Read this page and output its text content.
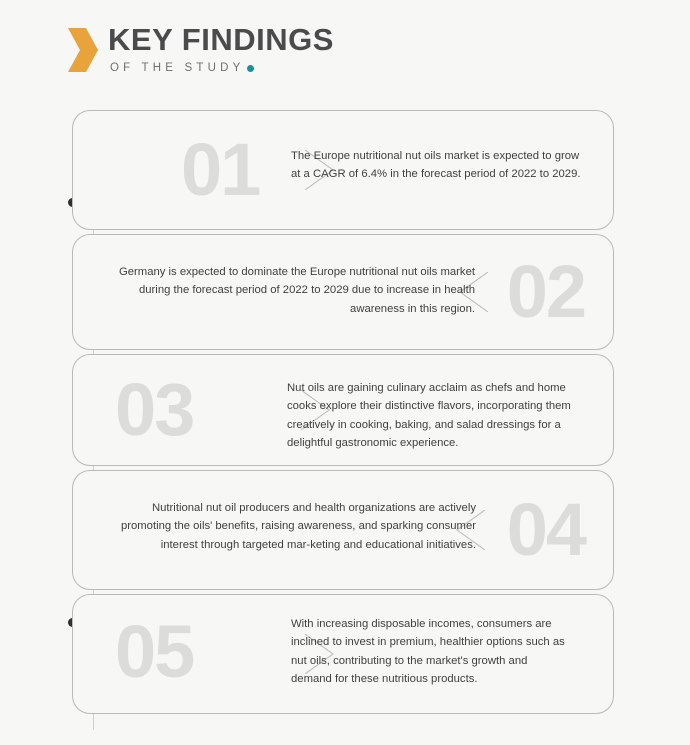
KEY FINDINGS
OF THE STUDY
01	The Europe nutritional nut oils market is expected to grow at a CAGR of 6.4% in the forecast period of 2022 to 2029.
02
Germany is expected to dominate the Europe nutritional nut oils market during the forecast period of 2022 to 2029 due to increase in health awareness in this region.
03	Nut oils are gaining culinary acclaim as chefs and home cooks explore their distinctive flavors, incorporating them creatively in cooking, baking, and salad dressings for a delightful gastronomic experience.
04
Nutritional nut oil producers and health organizations are actively promoting the oils' benefits, raising awareness, and sparking consumer interest through targeted mar-keting and educational initiatives.
05	With increasing disposable incomes, consumers are inclined to invest in premium, healthier options such as nut oils, contributing to the market's growth and demand for these nutritious products.
